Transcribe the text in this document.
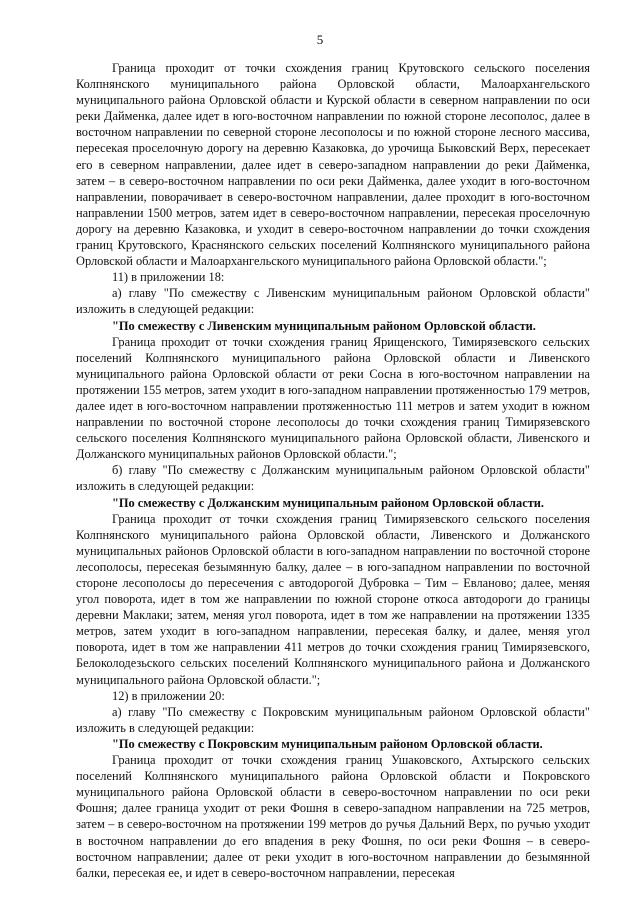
5

Граница проходит от точки схождения границ Крутовского сельского поселения Колпнянского муниципального района Орловской области, Малоархангельского муниципального района Орловской области и Курской области в северном направлении по оси реки Дайменка, далее идет в юго-восточном направлении по южной стороне лесополос, далее в восточном направлении по северной стороне лесополосы и по южной стороне лесного массива, пересекая проселочную дорогу на деревню Казаковка, до урочища Быковский Верх, пересекает его в северном направлении, далее идет в северо-западном направлении до реки Дайменка, затем – в северо-восточном направлении по оси реки Дайменка, далее уходит в юго-восточном направлении, поворачивает в северо-восточном направлении, далее проходит в юго-восточном направлении 1500 метров, затем идет в северо-восточном направлении, пересекая проселочную дорогу на деревню Казаковка, и уходит в северо-восточном направлении до точки схождения границ Крутовского, Краснянского сельских поселений Колпнянского муниципального района Орловской области и Малоархангельского муниципального района Орловской области.";

11) в приложении 18:

а) главу "По смежеству с Ливенским муниципальным районом Орловской области" изложить в следующей редакции:

"По смежеству с Ливенским муниципальным районом Орловской области.

Граница проходит от точки схождения границ Ярищенского, Тимирязевского сельских поселений Колпнянского муниципального района Орловской области и Ливенского муниципального района Орловской области от реки Сосна в юго-восточном направлении на протяжении 155 метров, затем уходит в юго-западном направлении протяженностью 179 метров, далее идет в юго-восточном направлении протяженностью 111 метров и затем уходит в южном направлении по восточной стороне лесополосы до точки схождения границ Тимирязевского сельского поселения Колпнянского муниципального района Орловской области, Ливенского и Должанского муниципальных районов Орловской области.";

б) главу "По смежеству с Должанским муниципальным районом Орловской области" изложить в следующей редакции:

"По смежеству с Должанским муниципальным районом Орловской области.

Граница проходит от точки схождения границ Тимирязевского сельского поселения Колпнянского муниципального района Орловской области, Ливенского и Должанского муниципальных районов Орловской области в юго-западном направлении по восточной стороне лесополосы, пересекая безымянную балку, далее – в юго-западном направлении по восточной стороне лесополосы до пересечения с автодорогой Дубровка – Тим – Евланово; далее, меняя угол поворота, идет в том же направлении по южной стороне откоса автодороги до границы деревни Маклаки; затем, меняя угол поворота, идет в том же направлении на протяжении 1335 метров, затем уходит в юго-западном направлении, пересекая балку, и далее, меняя угол поворота, идет в том же направлении 411 метров до точки схождения границ Тимирязевского, Белоколодезьского сельских поселений Колпнянского муниципального района и Должанского муниципального района Орловской области.";

12) в приложении 20:

а) главу "По смежеству с Покровским муниципальным районом Орловской области" изложить в следующей редакции:

"По смежеству с Покровским муниципальным районом Орловской области.

Граница проходит от точки схождения границ Ушаковского, Ахтырского сельских поселений Колпнянского муниципального района Орловской области и Покровского муниципального района Орловской области в северо-восточном направлении по оси реки Фошня; далее граница уходит от реки Фошня в северо-западном направлении на 725 метров, затем – в северо-восточном на протяжении 199 метров до ручья Дальний Верх, по ручью уходит в восточном направлении до его впадения в реку Фошня, по оси реки Фошня – в северо-восточном направлении; далее от реки уходит в юго-восточном направлении до безымянной балки, пересекая ее, и идет в северо-восточном направлении, пересекая
